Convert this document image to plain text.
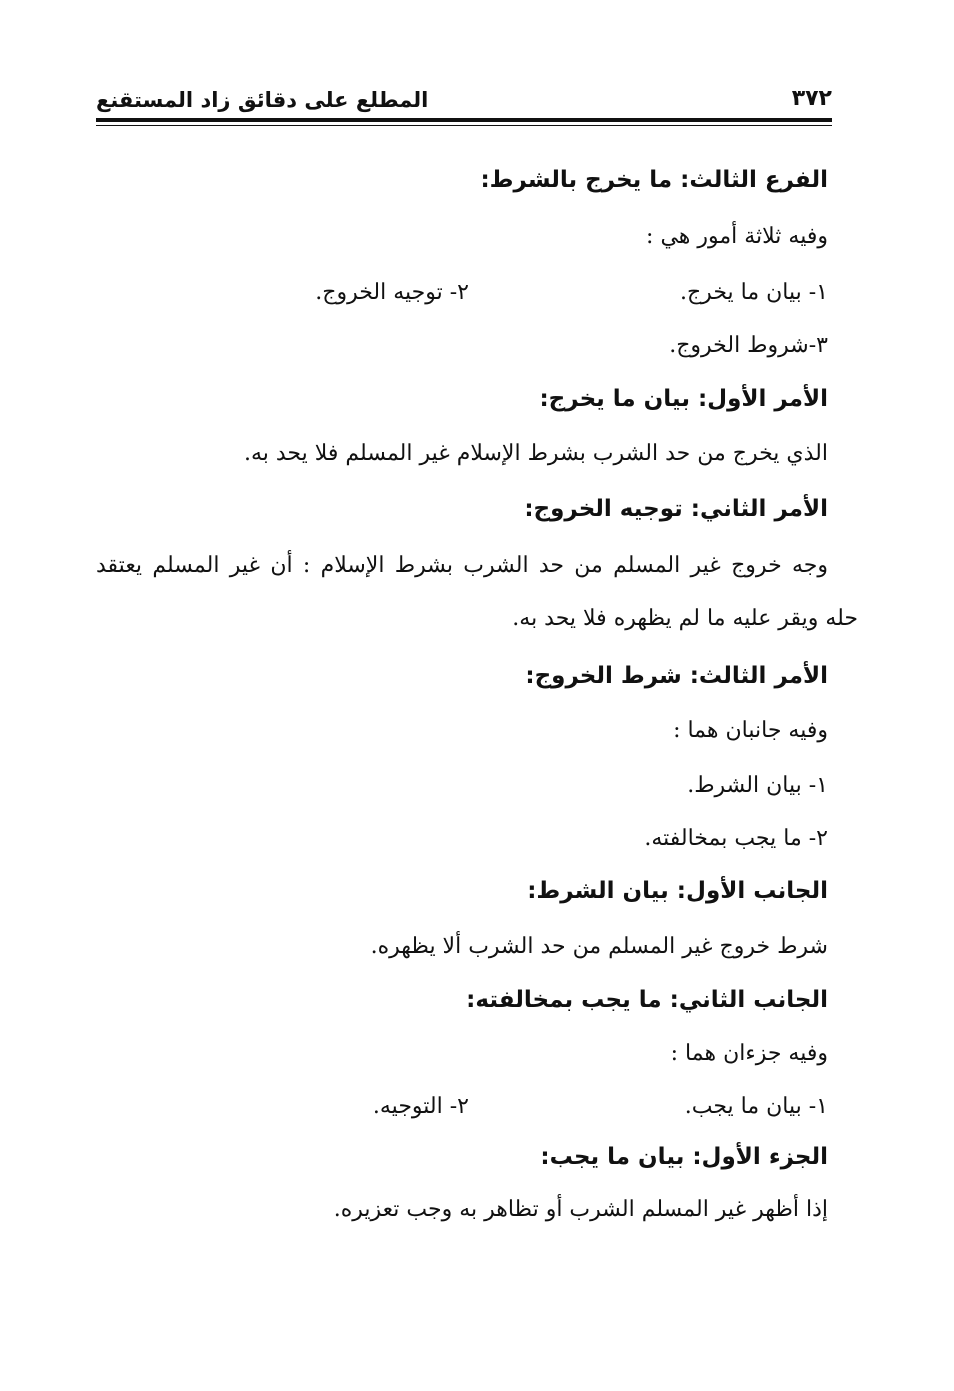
٣٧٢
المطلع على دقائق زاد المستقنع
الفرع الثالث: ما يخرج بالشرط:
وفيه ثلاثة أمور هي :
١- بيان ما يخرج.
٢- توجيه الخروج.
٣-شروط الخروج.
الأمر الأول: بيان ما يخرج:
الذي يخرج من حد الشرب بشرط الإسلام غير المسلم فلا يحد به.
الأمر الثاني: توجيه الخروج:
وجه خروج غير المسلم من حد الشرب بشرط الإسلام : أن غير المسلم يعتقد
حله ويقر عليه ما لم يظهره فلا يحد به.
الأمر الثالث: شرط الخروج:
وفيه جانبان هما :
١- بيان الشرط.
٢- ما يجب بمخالفته.
الجانب الأول: بيان الشرط:
شرط خروج غير المسلم من حد الشرب ألا يظهره.
الجانب الثاني: ما يجب بمخالفته:
وفيه جزءان هما :
١- بيان ما يجب.
٢- التوجيه.
الجزء الأول: بيان ما يجب:
إذا أظهر غير المسلم الشرب أو تظاهر به وجب تعزيره.
